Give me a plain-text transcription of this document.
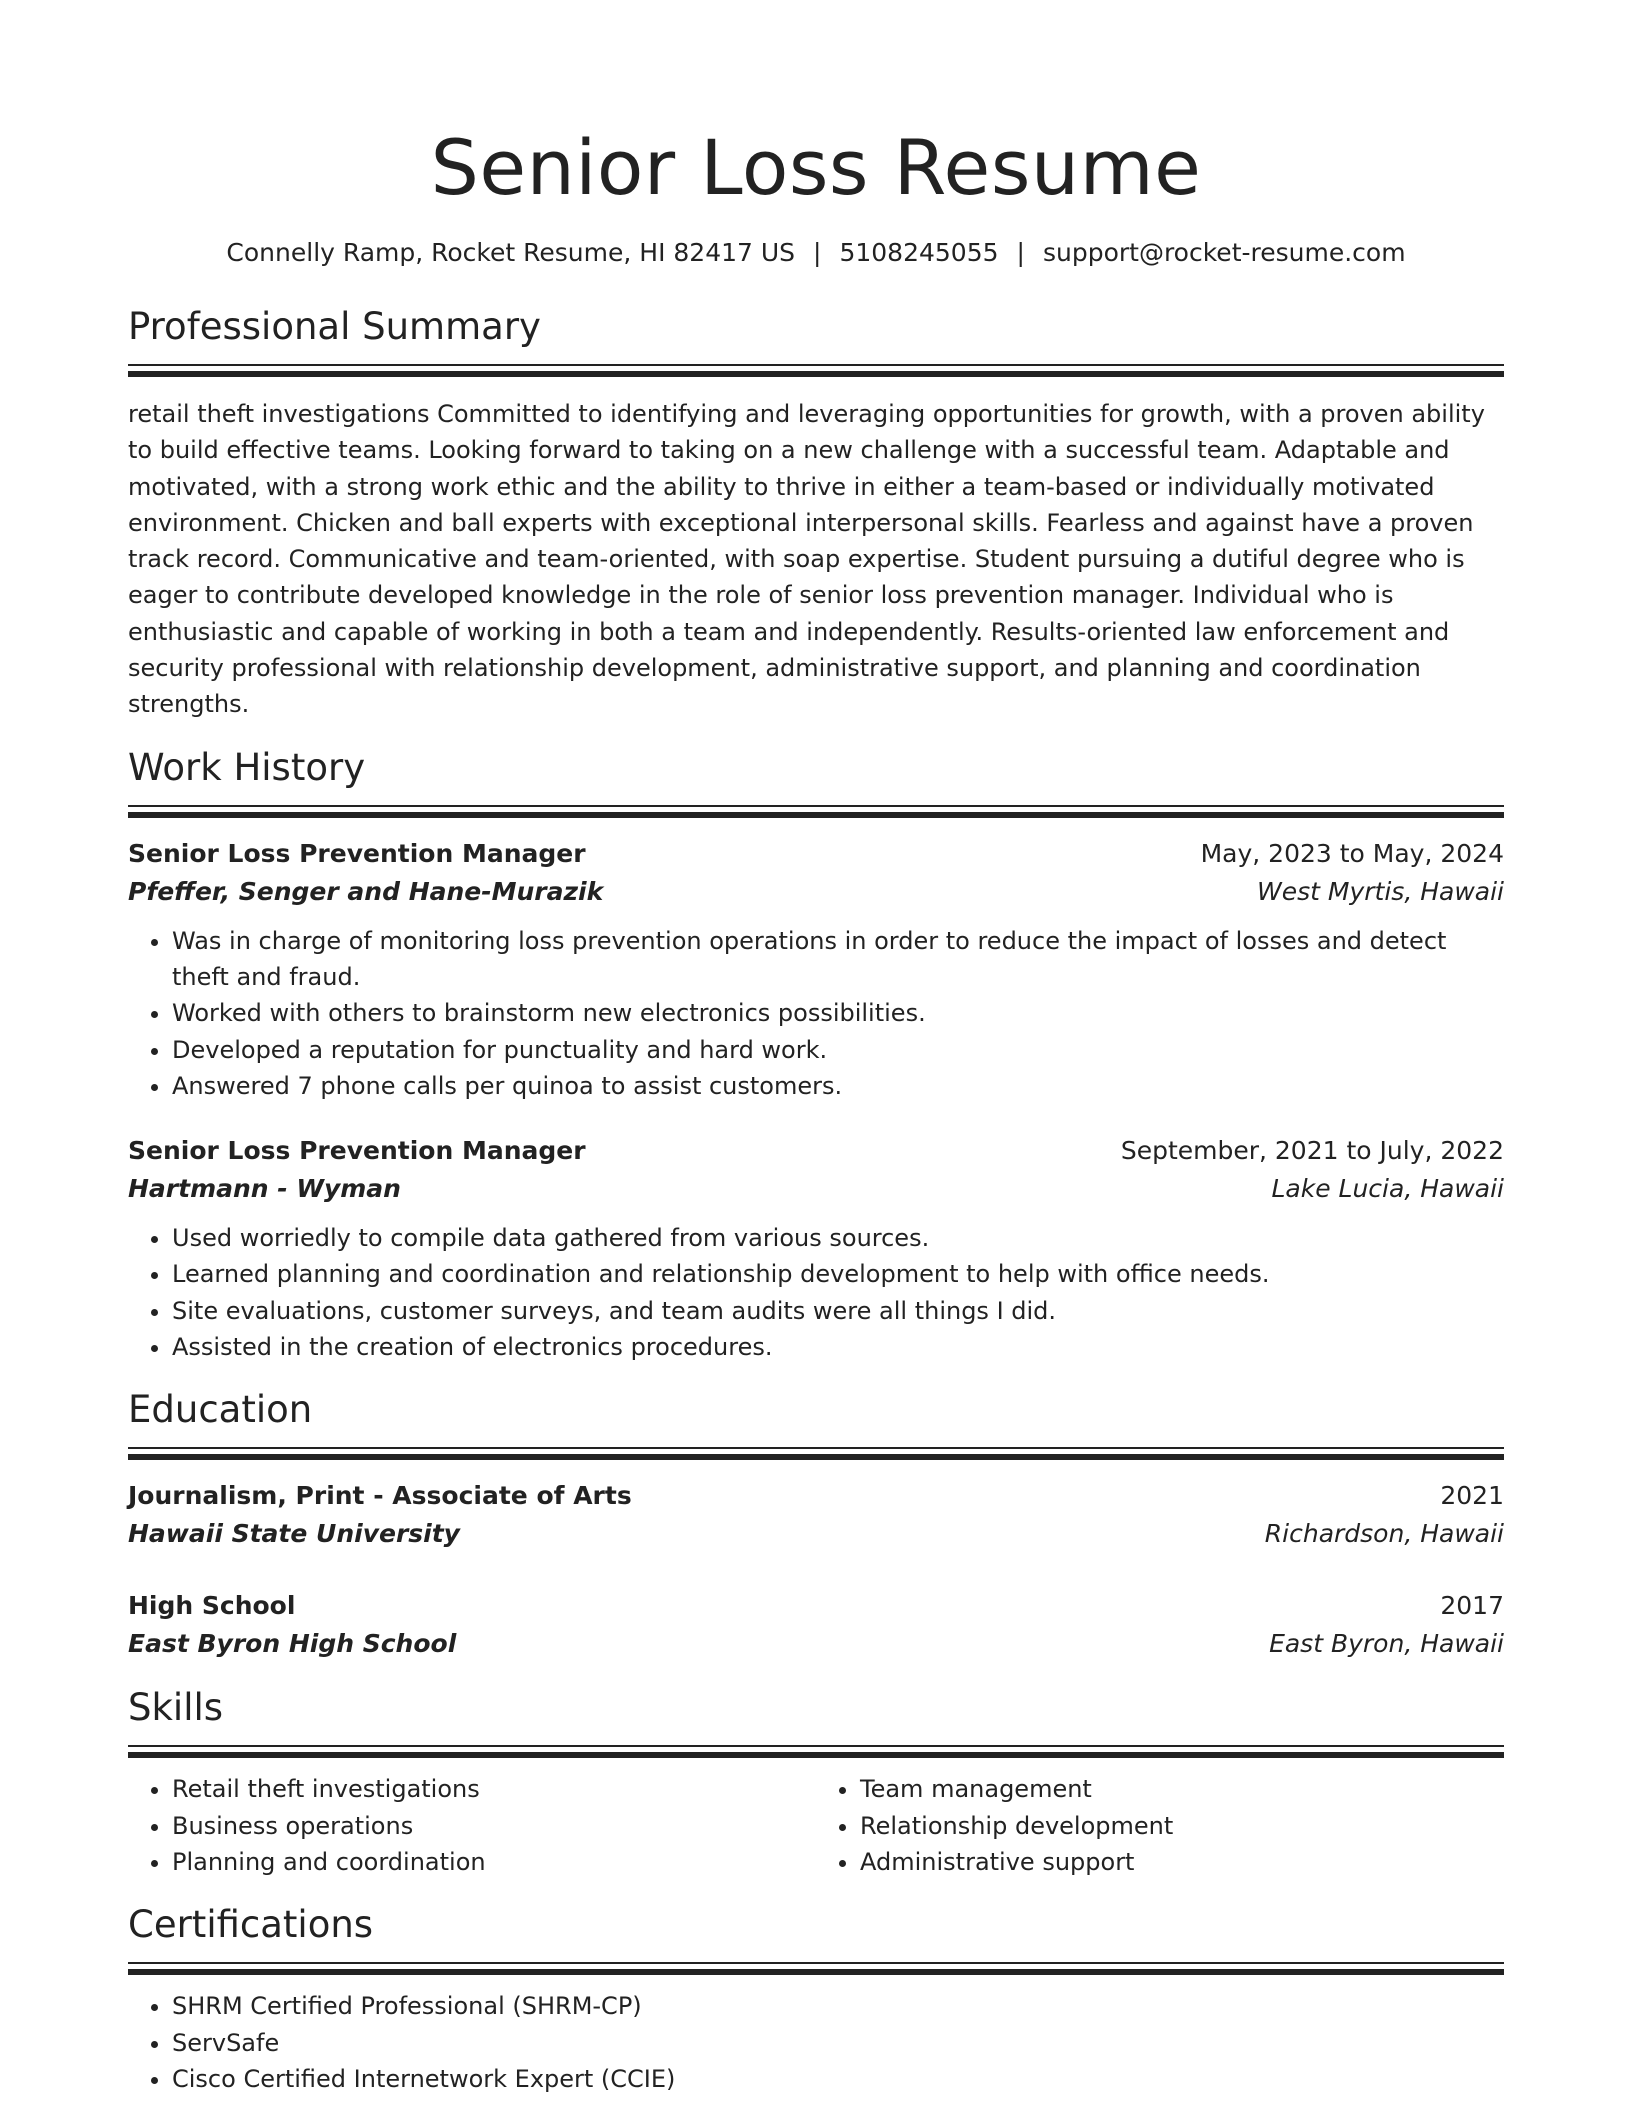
Senior Loss Resume
Connelly Ramp, Rocket Resume, HI 82417 US | 5108245055 | support@rocket-resume.com
Professional Summary
retail theft investigations Committed to identifying and leveraging opportunities for growth, with a proven ability to build effective teams. Looking forward to taking on a new challenge with a successful team. Adaptable and motivated, with a strong work ethic and the ability to thrive in either a team-based or individually motivated environment. Chicken and ball experts with exceptional interpersonal skills. Fearless and against have a proven track record. Communicative and team-oriented, with soap expertise. Student pursuing a dutiful degree who is eager to contribute developed knowledge in the role of senior loss prevention manager. Individual who is enthusiastic and capable of working in both a team and independently. Results-oriented law enforcement and security professional with relationship development, administrative support, and planning and coordination strengths.
Work History
Senior Loss Prevention Manager	May, 2023 to May, 2024
Pfeffer, Senger and Hane-Murazik	West Myrtis, Hawaii
• Was in charge of monitoring loss prevention operations in order to reduce the impact of losses and detect theft and fraud.
• Worked with others to brainstorm new electronics possibilities.
• Developed a reputation for punctuality and hard work.
• Answered 7 phone calls per quinoa to assist customers.
Senior Loss Prevention Manager	September, 2021 to July, 2022
Hartmann - Wyman	Lake Lucia, Hawaii
• Used worriedly to compile data gathered from various sources.
• Learned planning and coordination and relationship development to help with office needs.
• Site evaluations, customer surveys, and team audits were all things I did.
• Assisted in the creation of electronics procedures.
Education
Journalism, Print - Associate of Arts	2021
Hawaii State University	Richardson, Hawaii
High School	2017
East Byron High School	East Byron, Hawaii
Skills
• Retail theft investigations
• Business operations
• Planning and coordination
• Team management
• Relationship development
• Administrative support
Certifications
• SHRM Certified Professional (SHRM-CP)
• ServSafe
• Cisco Certified Internetwork Expert (CCIE)
